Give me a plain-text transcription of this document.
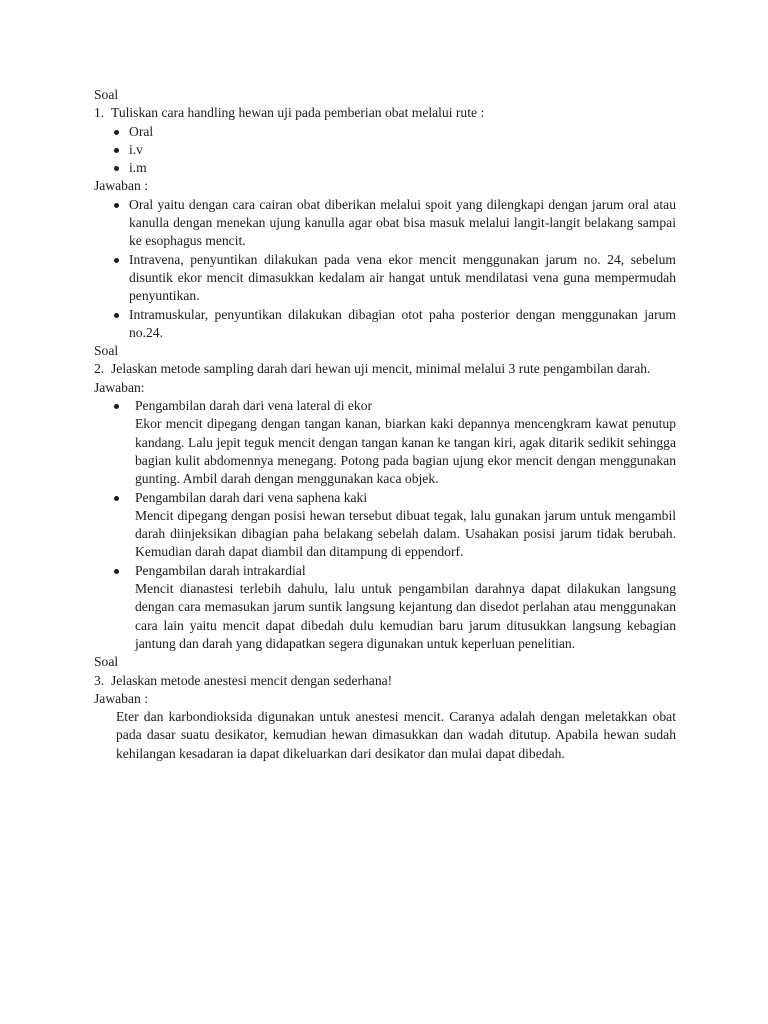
Soal

1. Tuliskan cara handling hewan uji pada pemberian obat melalui rute :
Oral
i.v
i.m

Jawaban :

Oral yaitu dengan cara cairan obat diberikan melalui spoit yang dilengkapi dengan jarum oral atau kanulla dengan menekan ujung kanulla agar obat bisa masuk melalui langit-langit belakang sampai ke esophagus mencit.
Intravena, penyuntikan dilakukan pada vena ekor mencit menggunakan jarum no. 24, sebelum disuntik ekor mencit dimasukkan kedalam air hangat untuk mendilatasi vena guna mempermudah penyuntikan.
Intramuskular, penyuntikan dilakukan dibagian otot paha posterior dengan menggunakan jarum no.24.

Soal

2. Jelaskan metode sampling darah dari hewan uji mencit, minimal melalui 3 rute pengambilan darah.

Jawaban:

Pengambilan darah dari vena lateral di ekor
Ekor mencit dipegang dengan tangan kanan, biarkan kaki depannya mencengkram kawat penutup kandang. Lalu jepit teguk mencit dengan tangan kanan ke tangan kiri, agak ditarik sedikit sehingga bagian kulit abdomennya menegang. Potong pada bagian ujung ekor mencit dengan menggunakan gunting. Ambil darah dengan menggunakan kaca objek.
Pengambilan darah dari vena saphena kaki
Mencit dipegang dengan posisi hewan tersebut dibuat tegak, lalu gunakan jarum untuk mengambil darah diinjeksikan dibagian paha belakang sebelah dalam. Usahakan posisi jarum tidak berubah. Kemudian darah dapat diambil dan ditampung di eppendorf.
Pengambilan darah intrakardial
Mencit dianastesi terlebih dahulu, lalu untuk pengambilan darahnya dapat dilakukan langsung dengan cara memasukan jarum suntik langsung kejantung dan disedot perlahan atau menggunakan cara lain yaitu mencit dapat dibedah dulu kemudian baru jarum ditusukkan langsung kebagian jantung dan darah yang didapatkan segera digunakan untuk keperluan penelitian.

Soal

3. Jelaskan metode anestesi mencit dengan sederhana!

Jawaban :

Eter dan karbondioksida digunakan untuk anestesi mencit. Caranya adalah dengan meletakkan obat pada dasar suatu desikator, kemudian hewan dimasukkan dan wadah ditutup. Apabila hewan sudah kehilangan kesadaran ia dapat dikeluarkan dari desikator dan mulai dapat dibedah.
